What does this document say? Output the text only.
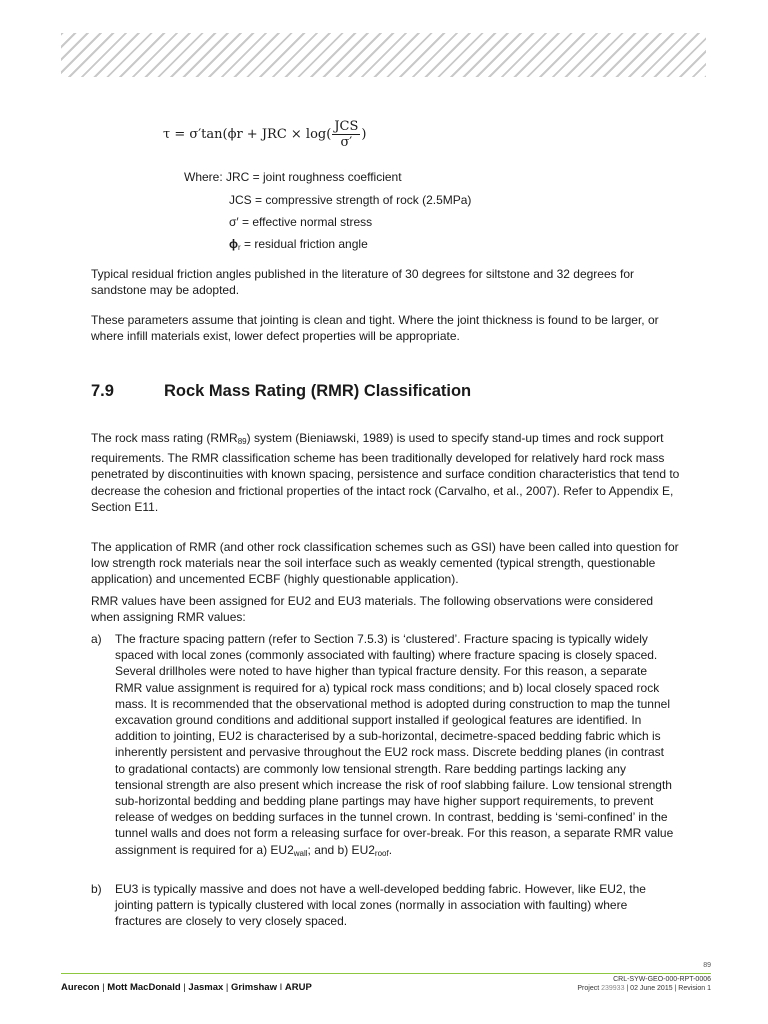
τ = σ′tan(ϕr + JRC × $\log( \frac{\text{JCS}}{\sigma'}$ )
Where: JRC = joint roughness coefficient
JCS = compressive strength of rock (2.5MPa)
σ′ = effective normal stress
$\phi_r$ = residual friction angle

Typical residual friction angles published in the literature of 30 degrees for siltstone and 32 degrees for sandstone may be adopted.

These parameters assume that jointing is clean and tight. Where the joint thickness is found to be larger, or where infill materials exist, lower defect properties will be appropriate.

7.9	Rock Mass Rating (RMR) Classification

The rock mass rating $(RMR_{89})$ system (Bieniawski, 1989) is used to specify stand-up times and rock support requirements. The RMR classification scheme has been traditionally developed for relatively hard rock mass penetrated by discontinuities with known spacing, persistence and surface condition characteristics that tend to decrease the cohesion and frictional properties of the intact rock (Carvalho, et al., 2007). Refer to Appendix E, Section E11.

The application of RMR (and other rock classification schemes such as GSI) have been called into question for low strength rock materials near the soil interface such as weakly cemented (typical strength, questionable application) and uncemented ECBF (highly questionable application).

RMR values have been assigned for EU2 and EU3 materials. The following observations were considered when assigning RMR values:

a) The fracture spacing pattern (refer to Section 7.5.3) is ‘clustered’. Fracture spacing is typically widely spaced with local zones (commonly associated with faulting) where fracture spacing is closely spaced. Several drillholes were noted to have higher than typical fracture density. For this reason, a separate RMR value assignment is required for a) typical rock mass conditions; and b) local closely spaced rock mass. It is recommended that the observational method is adopted during construction to map the tunnel excavation ground conditions and additional support installed if geological features are identified. In addition to jointing, EU2 is characterised by a sub-horizontal, decimetre-spaced bedding fabric which is inherently persistent and pervasive throughout the EU2 rock mass. Discrete bedding planes (in contrast to gradational contacts) are commonly low tensional strength. Rare bedding partings lacking any tensional strength are also present which increase the risk of roof slabbing failure. Low tensional strength sub-horizontal bedding and bedding plane partings may have higher support requirements, to prevent release of wedges on bedding surfaces in the tunnel crown. In contrast, bedding is ‘semi-confined’ in the tunnel walls and does not form a releasing surface for over-break. For this reason, a separate RMR value assignment is required for a) $EU2_{wall}$; and b) $EU2_{roof}$.

b) EU3 is typically massive and does not have a well-developed bedding fabric. However, like EU2, the jointing pattern is typically clustered with local zones (normally in association with faulting) where fractures are closely to very closely spaced.

89
Aurecon | Mott MacDonald | Jasmax | Grimshaw I ARUP
CRL-SYW-GEO-000-RPT-0006
Project 239933 | 02 June 2015 | Revision 1
